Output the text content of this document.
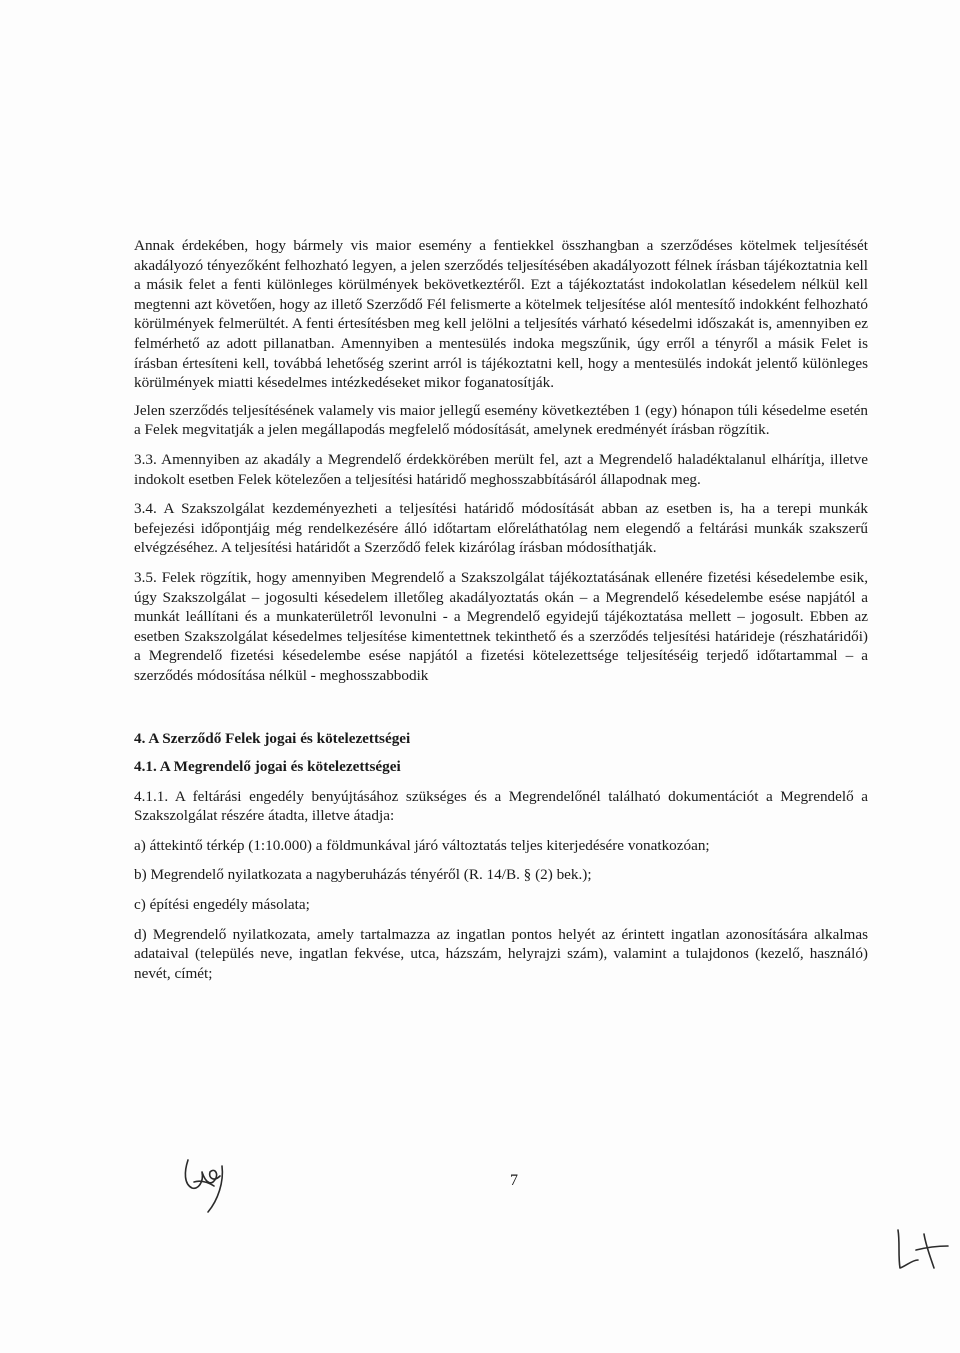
Annak érdekében, hogy bármely vis maior esemény a fentiekkel összhangban a szerződéses kötelmek teljesítését akadályozó tényezőként felhozható legyen, a jelen szerződés teljesítésében akadályozott félnek írásban tájékoztatnia kell a másik felet a fenti különleges körülmények bekövetkeztéről. Ezt a tájékoztatást indokolatlan késedelem nélkül kell megtenni azt követően, hogy az illető Szerződő Fél felismerte a kötelmek teljesítése alól mentesítő indokként felhozható körülmények felmerültét. A fenti értesítésben meg kell jelölni a teljesítés várható késedelmi időszakát is, amennyiben ez felmérhető az adott pillanatban. Amennyiben a mentesülés indoka megszűnik, úgy erről a tényről a másik Felet is írásban értesíteni kell, továbbá lehetőség szerint arról is tájékoztatni kell, hogy a mentesülés indokát jelentő különleges körülmények miatti késedelmes intézkedéseket mikor foganatosítják.

Jelen szerződés teljesítésének valamely vis maior jellegű esemény következtében 1 (egy) hónapon túli késedelme esetén a Felek megvitatják a jelen megállapodás megfelelő módosítását, amelynek eredményét írásban rögzítik.

3.3. Amennyiben az akadály a Megrendelő érdekkörében merült fel, azt a Megrendelő haladéktalanul elhárítja, illetve indokolt esetben Felek kötelezően a teljesítési határidő meghosszabbításáról állapodnak meg.

3.4. A Szakszolgálat kezdeményezheti a teljesítési határidő módosítását abban az esetben is, ha a terepi munkák befejezési időpontjáig még rendelkezésére álló időtartam előreláthatólag nem elegendő a feltárási munkák szakszerű elvégzéséhez. A teljesítési határidőt a Szerződő felek kizárólag írásban módosíthatják.

3.5. Felek rögzítik, hogy amennyiben Megrendelő a Szakszolgálat tájékoztatásának ellenére fizetési késedelembe esik, úgy Szakszolgálat – jogosulti késedelem illetőleg akadályoztatás okán – a Megrendelő késedelembe esése napjától a munkát leállítani és a munkaterületről levonulni - a Megrendelő egyidejű tájékoztatása mellett – jogosult. Ebben az esetben Szakszolgálat késedelmes teljesítése kimentettnek tekinthető és a szerződés teljesítési határideje (részhatáridői) a Megrendelő fizetési késedelembe esése napjától a fizetési kötelezettsége teljesítéséig terjedő időtartammal – a szerződés módosítása nélkül - meghosszabbodik

4. A Szerződő Felek jogai és kötelezettségei

4.1. A Megrendelő jogai és kötelezettségei

4.1.1. A feltárási engedély benyújtásához szükséges és a Megrendelőnél található dokumentációt a Megrendelő a Szakszolgálat részére átadta, illetve átadja:

a) áttekintő térkép (1:10.000) a földmunkával járó változtatás teljes kiterjedésére vonatkozóan;

b) Megrendelő nyilatkozata a nagyberuházás tényéről (R. 14/B. § (2) bek.);

c) építési engedély másolata;

d) Megrendelő nyilatkozata, amely tartalmazza az ingatlan pontos helyét az érintett ingatlan azonosítására alkalmas adataival (település neve, ingatlan fekvése, utca, házszám, helyrajzi szám), valamint a tulajdonos (kezelő, használó) nevét, címét;

7
